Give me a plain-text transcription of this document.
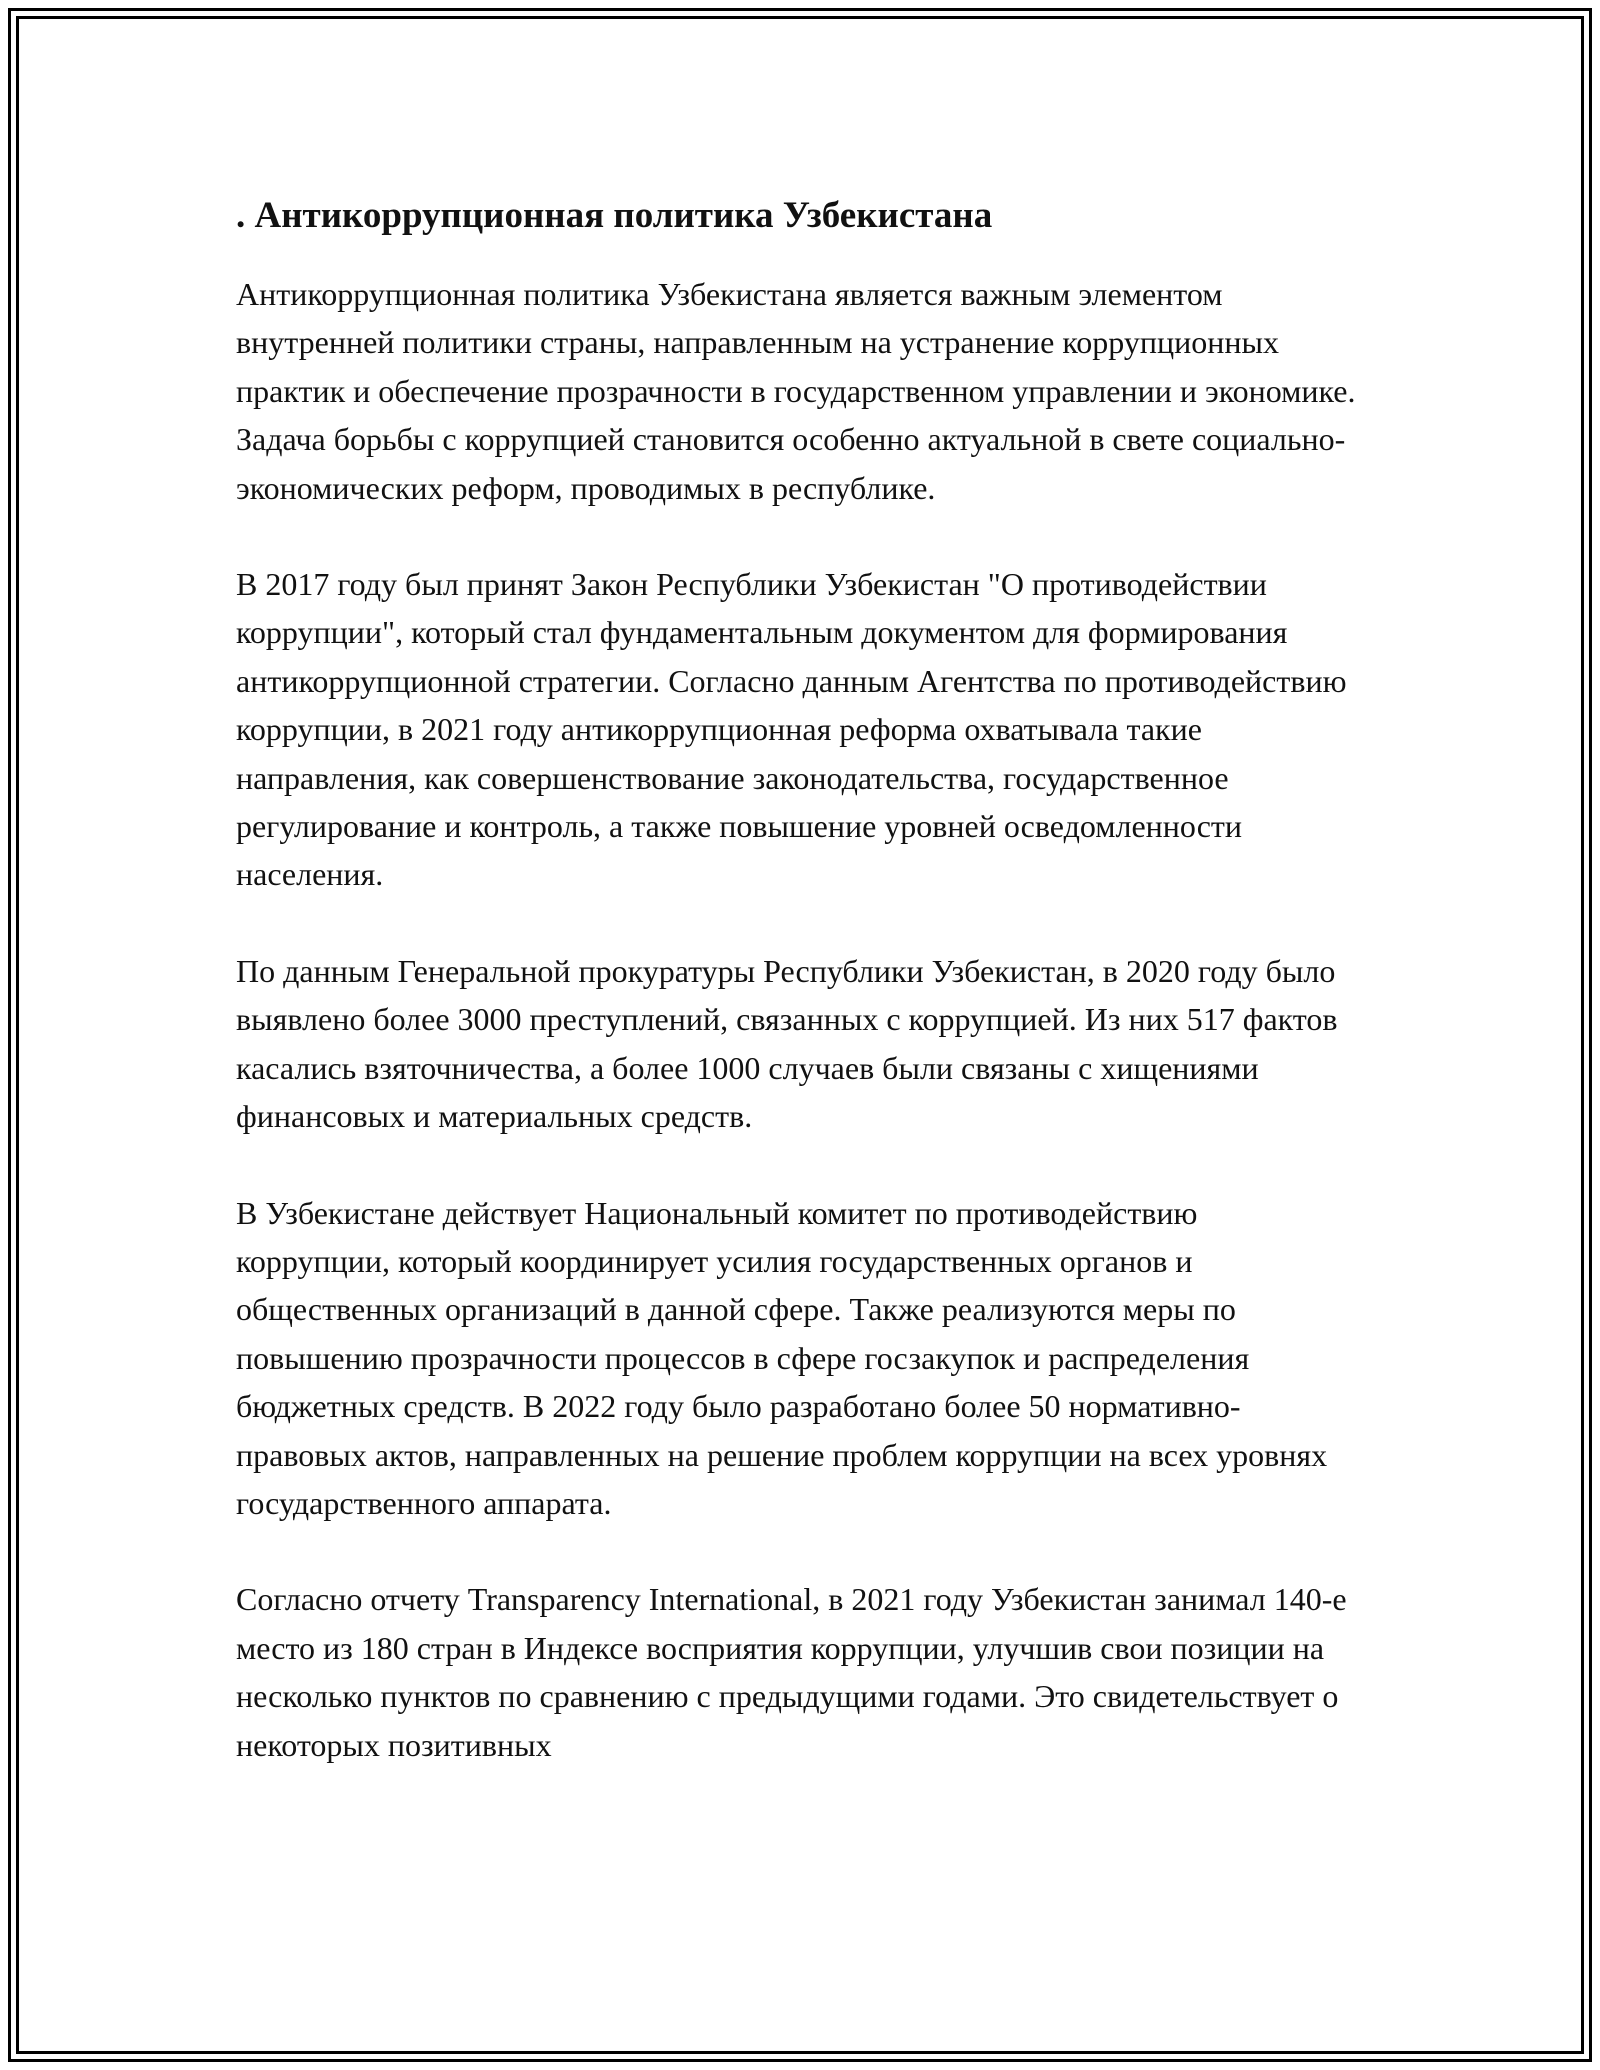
. Антикоррупционная политика Узбекистана

Антикоррупционная политика Узбекистана является важным элементом внутренней политики страны, направленным на устранение коррупционных практик и обеспечение прозрачности в государственном управлении и экономике. Задача борьбы с коррупцией становится особенно актуальной в свете социально-экономических реформ, проводимых в республике.

В 2017 году был принят Закон Республики Узбекистан "О противодействии коррупции", который стал фундаментальным документом для формирования антикоррупционной стратегии. Согласно данным Агентства по противодействию коррупции, в 2021 году антикоррупционная реформа охватывала такие направления, как совершенствование законодательства, государственное регулирование и контроль, а также повышение уровней осведомленности населения.

По данным Генеральной прокуратуры Республики Узбекистан, в 2020 году было выявлено более 3000 преступлений, связанных с коррупцией. Из них 517 фактов касались взяточничества, а более 1000 случаев были связаны с хищениями финансовых и материальных средств.

В Узбекистане действует Национальный комитет по противодействию коррупции, который координирует усилия государственных органов и общественных организаций в данной сфере. Также реализуются меры по повышению прозрачности процессов в сфере госзакупок и распределения бюджетных средств. В 2022 году было разработано более 50 нормативно-правовых актов, направленных на решение проблем коррупции на всех уровнях государственного аппарата.

Согласно отчету Transparency International, в 2021 году Узбекистан занимал 140-е место из 180 стран в Индексе восприятия коррупции, улучшив свои позиции на несколько пунктов по сравнению с предыдущими годами. Это свидетельствует о некоторых позитивных
